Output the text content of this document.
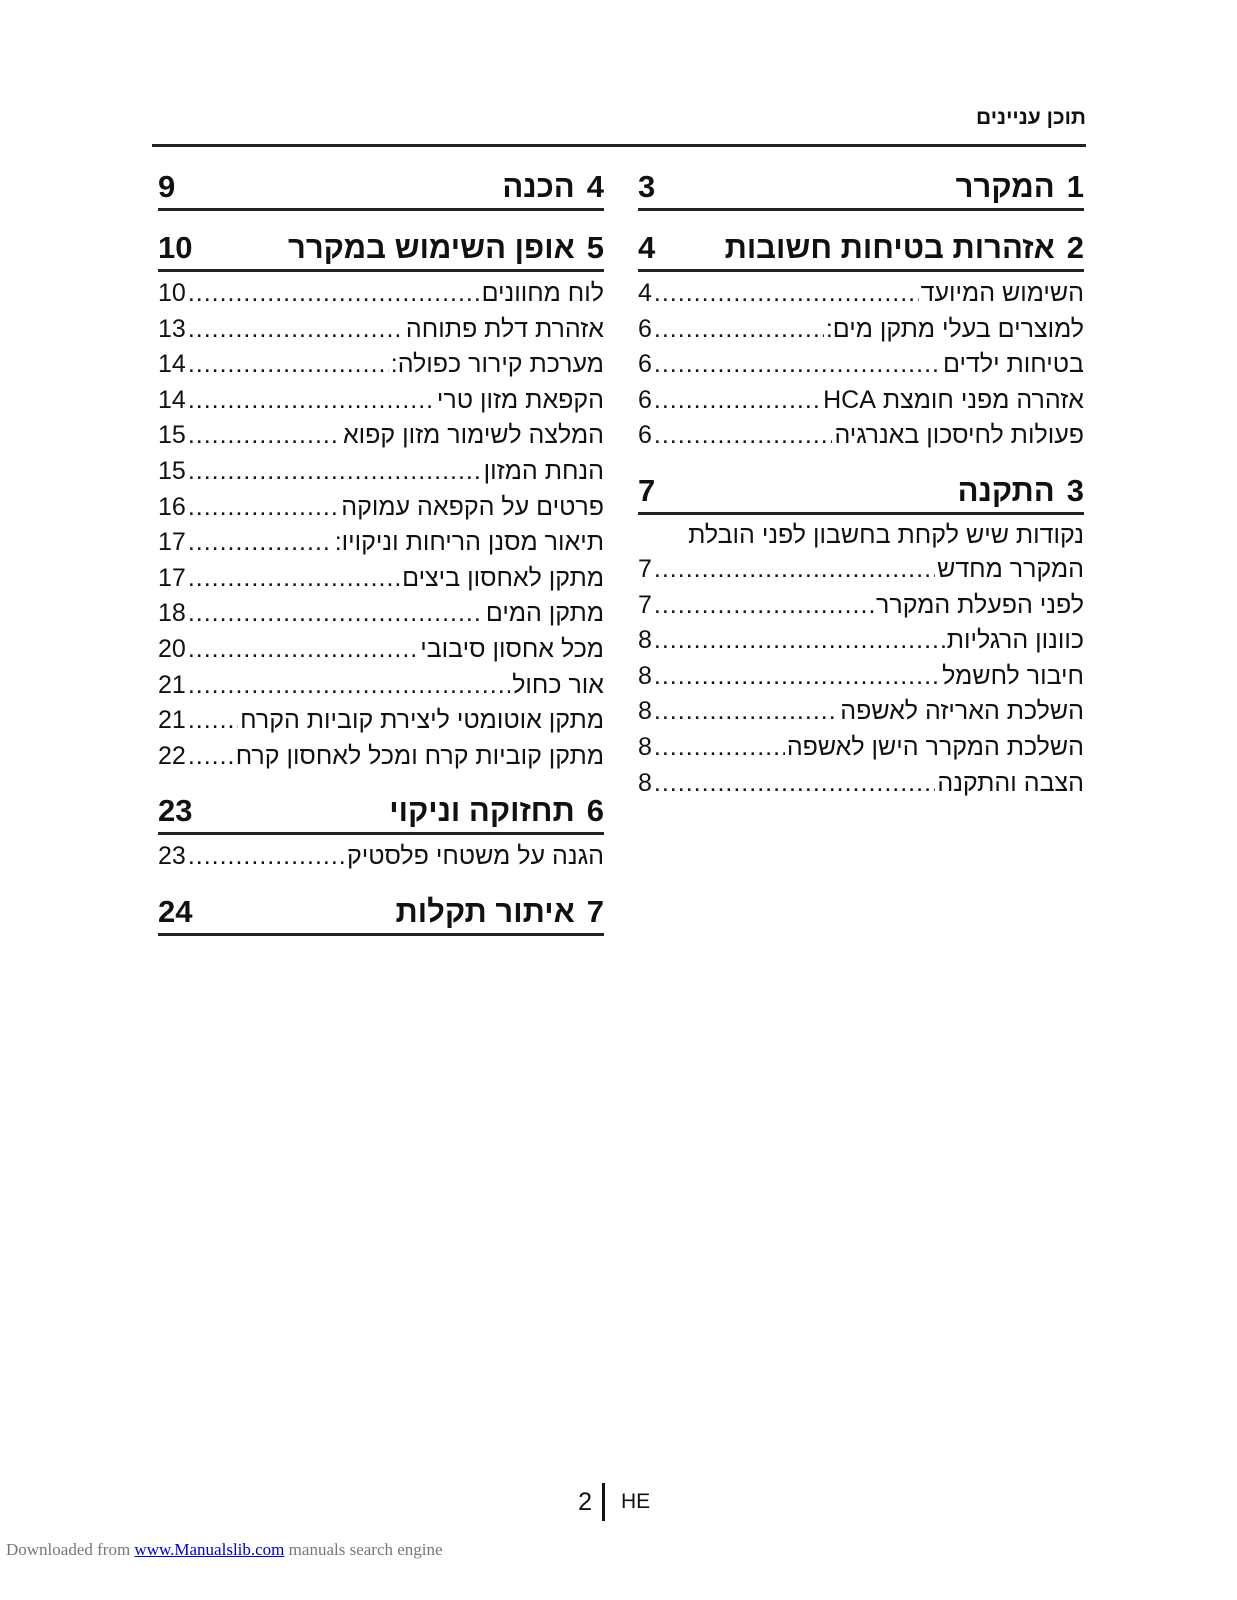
תוכן עניינים
1המקרר
3
2אזהרות בטיחות חשובות
4
השימוש המיועד
.....
4
למוצרים בעלי מתקן מים:
.....
6
בטיחות ילדים
.....
6
אזהרה מפני חומצת HCA
.....
6
פעולות לחיסכון באנרגיה
.....
6
3התקנה
7
נקודות שיש לקחת בחשבון לפני הובלת
המקרר מחדש
.....
7
לפני הפעלת המקרר
.....
7
כוונון הרגליות
.....
8
חיבור לחשמל
.....
8
השלכת האריזה לאשפה
.....
8
השלכת המקרר הישן לאשפה
.....
8
הצבה והתקנה
.....
8
4הכנה
9
5אופן השימוש במקרר
10
לוח מחוונים
.....
10
אזהרת דלת פתוחה
.....
13
מערכת קירור כפולה:
.....
14
הקפאת מזון טרי
.....
14
המלצה לשימור מזון קפוא
.....
15
הנחת המזון
.....
15
פרטים על הקפאה עמוקה
.....
16
תיאור מסנן הריחות וניקויו:
.....
17
מתקן לאחסון ביצים
.....
17
מתקן המים
.....
18
מכל אחסון סיבובי
.....
20
אור כחול
.....
21
מתקן אוטומטי ליצירת קוביות הקרח
.....
21
מתקן קוביות קרח ומכל לאחסון קרח
.....
22
6תחזוקה וניקוי
23
הגנה על משטחי פלסטיק
.....
23
7איתור תקלות
24
2 HE
Downloaded from www.Manualslib.com manuals search engine
